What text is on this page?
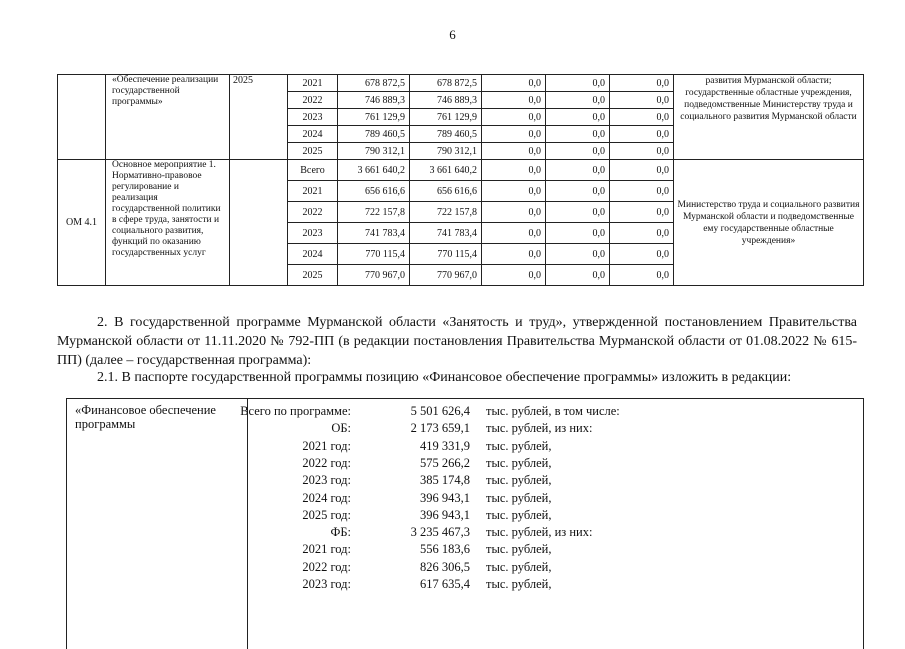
6
	«Обеспечение реализации государственной программы»	2025	2021	678 872,5	678 872,5	0,0	0,0	0,0	развития Мурманской области; государственные областные учреждения, подведомственные Министерству труда и социального развития Мурманской области
			2022	746 889,3	746 889,3	0,0	0,0	0,0	
			2023	761 129,9	761 129,9	0,0	0,0	0,0	
			2024	789 460,5	789 460,5	0,0	0,0	0,0	
			2025	790 312,1	790 312,1	0,0	0,0	0,0	
ОМ 4.1	Основное мероприятие 1. Нормативно-правовое регулирование и реализация государственной политики в сфере труда, занятости и социального развития, функций по оказанию государственных услуг		Всего	3 661 640,2	3 661 640,2	0,0	0,0	0,0	Министерство труда и социального развития Мурманской области и подведомственные ему государственные областные учреждения»
			2021	656 616,6	656 616,6	0,0	0,0	0,0	
			2022	722 157,8	722 157,8	0,0	0,0	0,0	
			2023	741 783,4	741 783,4	0,0	0,0	0,0	
			2024	770 115,4	770 115,4	0,0	0,0	0,0	
			2025	770 967,0	770 967,0	0,0	0,0	0,0	
2. В государственной программе Мурманской области «Занятость и труд», утвержденной постановлением Правительства Мурманской области от 11.11.2020 № 792-ПП (в редакции постановления Правительства Мурманской области от 01.08.2022 № 615-ПП) (далее – государственная программа):
2.1. В паспорте государственной программы позицию «Финансовое обеспечение программы» изложить в редакции:
«Финансовое обеспечение программы
Всего по программе:	5 501 626,4 тыс. рублей, в том числе:
ОБ:	2 173 659,1 тыс. рублей, из них:
2021 год:	419 331,9 тыс. рублей,
2022 год:	575 266,2 тыс. рублей,
2023 год:	385 174,8 тыс. рублей,
2024 год:	396 943,1 тыс. рублей,
2025 год:	396 943,1 тыс. рублей,
ФБ:	3 235 467,3 тыс. рублей, из них:
2021 год:	556 183,6 тыс. рублей,
2022 год:	826 306,5 тыс. рублей,
2023 год:	617 635,4 тыс. рублей,
